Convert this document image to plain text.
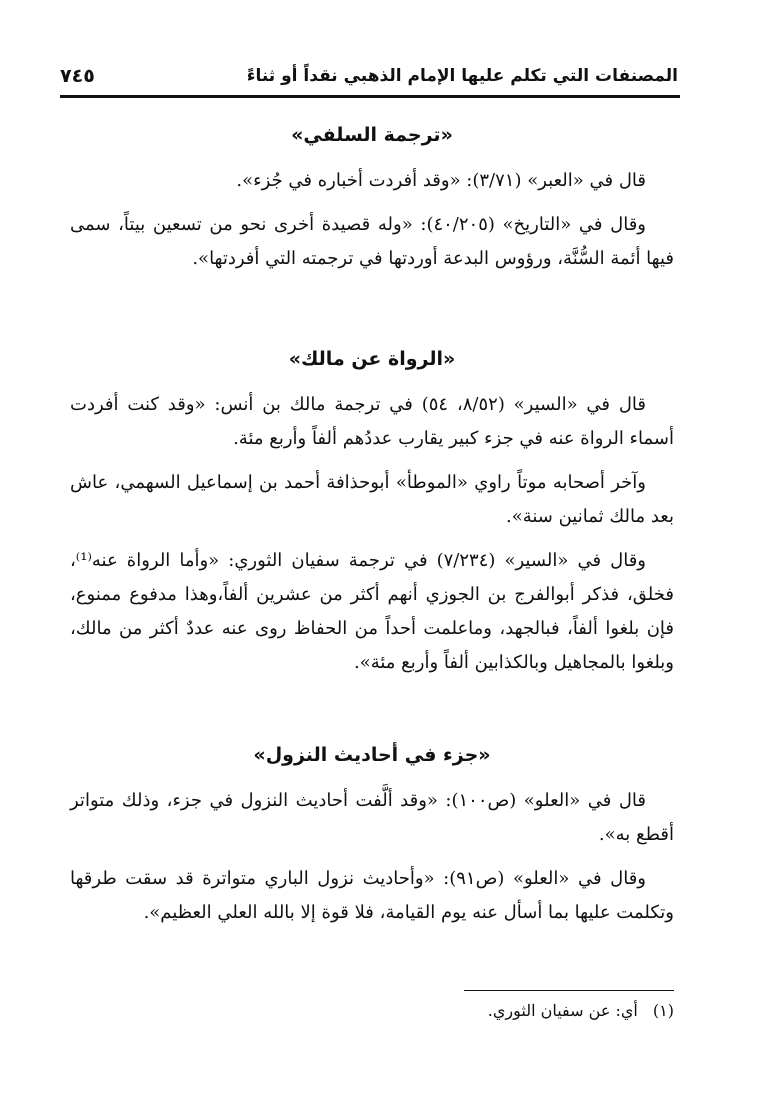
المصنفات التي تكلم عليها الإمام الذهبي نقداً أو ثناءً
٧٤٥
«ترجمة السلفي»

قال في «العبر» (٣/٧١): «وقد أفردت أخباره في جُزء».

وقال في «التاريخ» (٤٠/٢٠٥): «وله قصيدة أخرى نحو من تسعين بيتاً، سمى فيها أئمة السُّنَّة، ورؤوس البدعة أوردتها في ترجمته التي أفردتها».

«الرواة عن مالك»

قال في «السير» (٨/٥٢، ٥٤) في ترجمة مالك بن أنس: «وقد كنت أفردت أسماء الرواة عنه في جزء كبير يقارب عددُهم ألفاً وأربع مئة.

وآخر أصحابه موتاً راوي «الموطأ» أبوحذافة أحمد بن إسماعيل السهمي، عاش بعد مالك ثمانين سنة».

وقال في «السير» (٧/٢٣٤) في ترجمة سفيان الثوري: «وأما الرواة عنه⁽¹⁾، فخلق، فذكر أبوالفرج بن الجوزي أنهم أكثر من عشرين ألفاً،وهذا مدفوع ممنوع، فإن بلغوا ألفاً، فبالجهد، وماعلمت أحداً من الحفاظ روى عنه عددٌ أكثر من مالك، وبلغوا بالمجاهيل وبالكذابين ألفاً وأربع مئة».

«جزء في أحاديث النزول»

قال في «العلو» (ص١٠٠): «وقد ألَّفت أحاديث النزول في جزء، وذلك متواتر أقطع به».

وقال في «العلو» (ص٩١): «وأحاديث نزول الباري متواترة قد سقت طرقها وتكلمت عليها بما أسأل عنه يوم القيامة، فلا قوة إلا بالله العلي العظيم».

(١) أي: عن سفيان الثوري.
